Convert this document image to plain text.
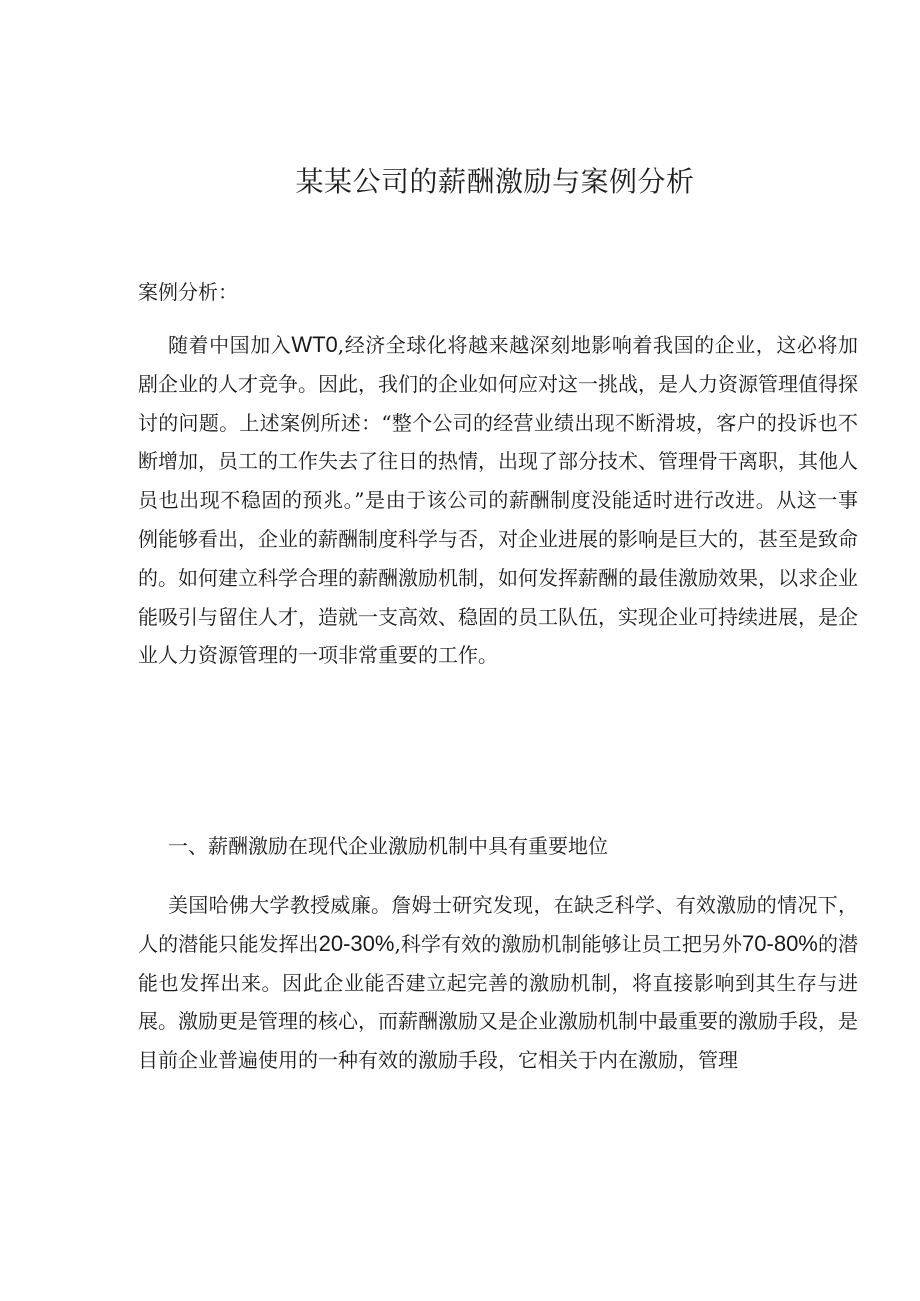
某某公司的薪酬激励与案例分析

案例分析：

随着中国加入WT0,经济全球化将越来越深刻地影响着我国的企业，这必将加剧企业的人才竞争。因此，我们的企业如何应对这一挑战，是人力资源管理值得探讨的问题。上述案例所述：“整个公司的经营业绩出现不断滑坡，客户的投诉也不断增加，员工的工作失去了往日的热情，出现了部分技术、管理骨干离职，其他人员也出现不稳固的预兆。”是由于该公司的薪酬制度没能适时进行改进。从这一事例能够看出，企业的薪酬制度科学与否，对企业进展的影响是巨大的，甚至是致命的。如何建立科学合理的薪酬激励机制，如何发挥薪酬的最佳激励效果，以求企业能吸引与留住人才，造就一支高效、稳固的员工队伍，实现企业可持续进展，是企业人力资源管理的一项非常重要的工作。

一、薪酬激励在现代企业激励机制中具有重要地位

美国哈佛大学教授威廉。詹姆士研究发现，在缺乏科学、有效激励的情况下，人的潜能只能发挥出20-30%,科学有效的激励机制能够让员工把另外70-80%的潜能也发挥出来。因此企业能否建立起完善的激励机制，将直接影响到其生存与进展。激励更是管理的核心，而薪酬激励又是企业激励机制中最重要的激励手段，是目前企业普遍使用的一种有效的激励手段，它相关于内在激励，管理
